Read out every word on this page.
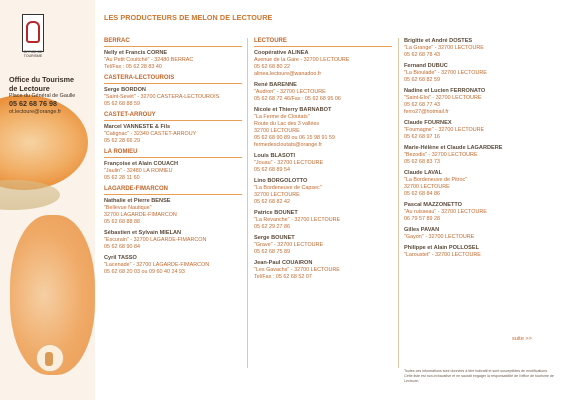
OFFICE DE TOURISME
Office du Tourisme
de Lectoure
Place du Général de Gaulle
05 62 68 76 98
ot.lectoure@orange.fr
LES PRODUCTEURS DE MELON DE LECTOURE
BERRAC
Nelly et Francis CORNE
"Au Petit Couitché" - 32480 BERRAC
Tel/Fax : 05 62 28 83 40
CASTERA-LECTOUROIS
Serge BORDON
"Saint-Sevét" - 32700 CASTERA-LECTOUROIS
05 62 68 88 59
CASTET-ARROUY
Marcel VANNESTE & Fils
"Catignac" - 32340 CASTET-ARROUY
05 62 28 66 29
LA ROMIEU
Françoise et Alain COUACH
"Jaulin" - 32480 LA ROMIEU
05 62 28 11 60
LAGARDE-FIMARCON
Nathalie et Pierre BENSE
"Bellevue Nautique"
32700 LAGARDE-FIMARCON
05 62 68 88 88
Sébastien et Sylvain MIELAN
"Escurain" - 32700 LAGARDE-FIMARCON
05 62 68 90 84
Cyril TASSO
"Lacenade" - 32700 LAGARDE-FIMARCON
05 62 68 20 03 ou 09 60 40 24 93
LECTOURE
Coopérative ALINEA
Avenue de la Gare - 32700 LECTOURE
05 62 68 80 22
alinea.lectoure@wanadoo.fr
René BARENNE
"Audron" - 32700 LECTOURE
05 62 68 72 46/Fax : 05 62 68 95 06
Nicole et Thierry BARNABOT
"La Ferme de Cloutats"
Route du Lac des 3 vallées
32700 LECTOURE
05 62 68 90 89 ou 06 15 98 91 59
fermedescloutats@orange.fr
Louis BLASOTI
"Jouau" - 32700 LECTOURE
05 62 68 89 54
Lino BORGOLOTTO
"La Bordeneuve de Capsec"
32700 LECTOURE
05 62 68 82 42
Patrice BOUNET
"La Revanche" - 32700 LECTOURE
05 62 29 27 86
Serge BOUNET
"Grave" - 32700 LECTOURE
05 62 68 75 89
Jean-Paul COUAIRON
"Les Gavachs" - 32700 LECTOURE
Tel/Fax : 05 62 68 52 07
Brigitte et André DOSTES
"La Grange" - 32700 LECTOURE
05 62 68 78 43
Fernand DUBUC
"La Bioulade" - 32700 LECTOURE
05 62 68 82 59
Nadine et Lucien FERRONATO
"Saint-Eloi" - 32700 LECTOURE
05 62 68 77 43
ferro27@hotmail.fr
Claude FOURNEX
"Foumagne" - 32700 LECTOURE
05 62 68 97 16
Marie-Hélène et Claude LAGARDERE
"Bezodis" - 32700 LECTOURE
05 62 68 83 73
Claude LAVAL
"La Bordeneuve de Pitroc"
32700 LECTOURE
05 62 68 84 86
Pascal MAZZONETTO
"Au ruisseau" - 32700 LECTOURE
06 79 57 89 28
Gilles PAVAN
"Gayon" - 32700 LECTOURE
Philippe et Alain POLLOSEL
"Laroustet" - 32700 LECTOURE
suite >>
Toutes ces informations sont données à titre indicatif et sont susceptibles de modifications. Cette liste est non-exhaustive et ne saurait engager la responsabilité de l'office de tourisme de Lectoure.
